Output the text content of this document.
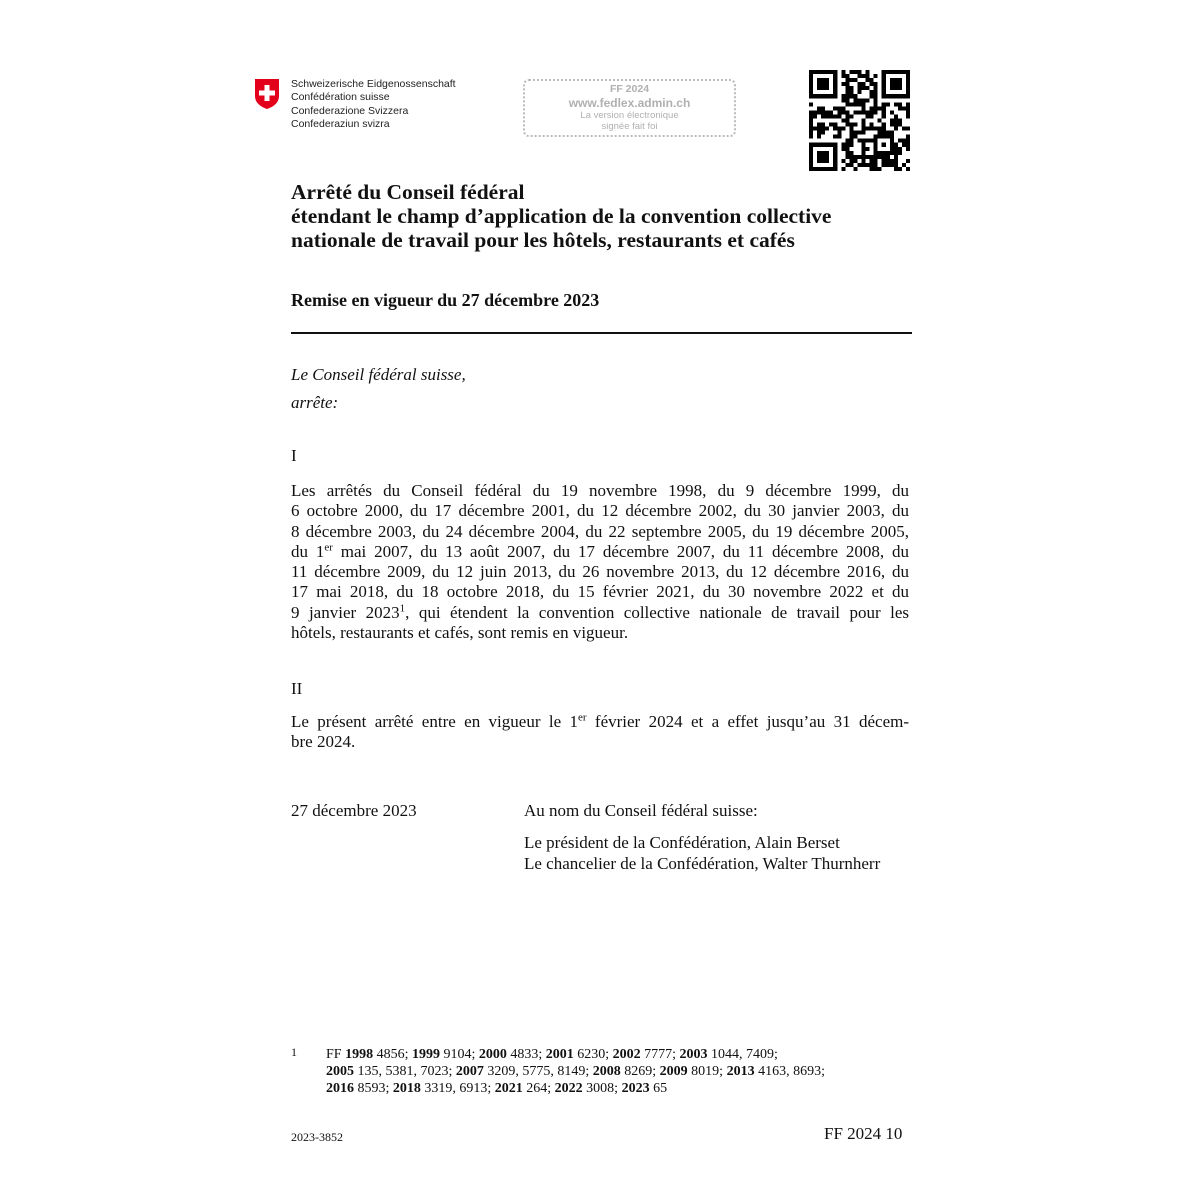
Schweizerische Eidgenossenschaft
Confédération suisse
Confederazione Svizzera
Confederaziun svizra
FF 2024
www.fedlex.admin.ch
La version électronique
signée fait foi
Arrêté du Conseil fédéral
étendant le champ d’application de la convention collective
nationale de travail pour les hôtels, restaurants et cafés
Remise en vigueur du 27 décembre 2023
Le Conseil fédéral suisse,
arrête:
I
Les arrêtés du Conseil fédéral du 19 novembre 1998, du 9 décembre 1999, du
6 octobre 2000, du 17 décembre 2001, du 12 décembre 2002, du 30 janvier 2003, du
8 décembre 2003, du 24 décembre 2004, du 22 septembre 2005, du 19 décembre 2005,
du 1er mai 2007, du 13 août 2007, du 17 décembre 2007, du 11 décembre 2008, du
11 décembre 2009, du 12 juin 2013, du 26 novembre 2013, du 12 décembre 2016, du
17 mai 2018, du 18 octobre 2018, du 15 février 2021, du 30 novembre 2022 et du
9 janvier 2023$^1$, qui étendent la convention collective nationale de travail pour les
hôtels, restaurants et cafés, sont remis en vigueur.
II
Le présent arrêté entre en vigueur le 1er février 2024 et a effet jusqu’au 31 décem-
bre 2024.
27 décembre 2023	Au nom du Conseil fédéral suisse:
Le président de la Confédération, Alain Berset
Le chancelier de la Confédération, Walter Thurnherr
1 FF 1998 4856; 1999 9104; 2000 4833; 2001 6230; 2002 7777; 2003 1044, 7409;
2005 135, 5381, 7023; 2007 3209, 5775, 8149; 2008 8269; 2009 8019; 2013 4163, 8693;
2016 8593; 2018 3319, 6913; 2021 264; 2022 3008; 2023 65
2023-3852	FF 2024 10
